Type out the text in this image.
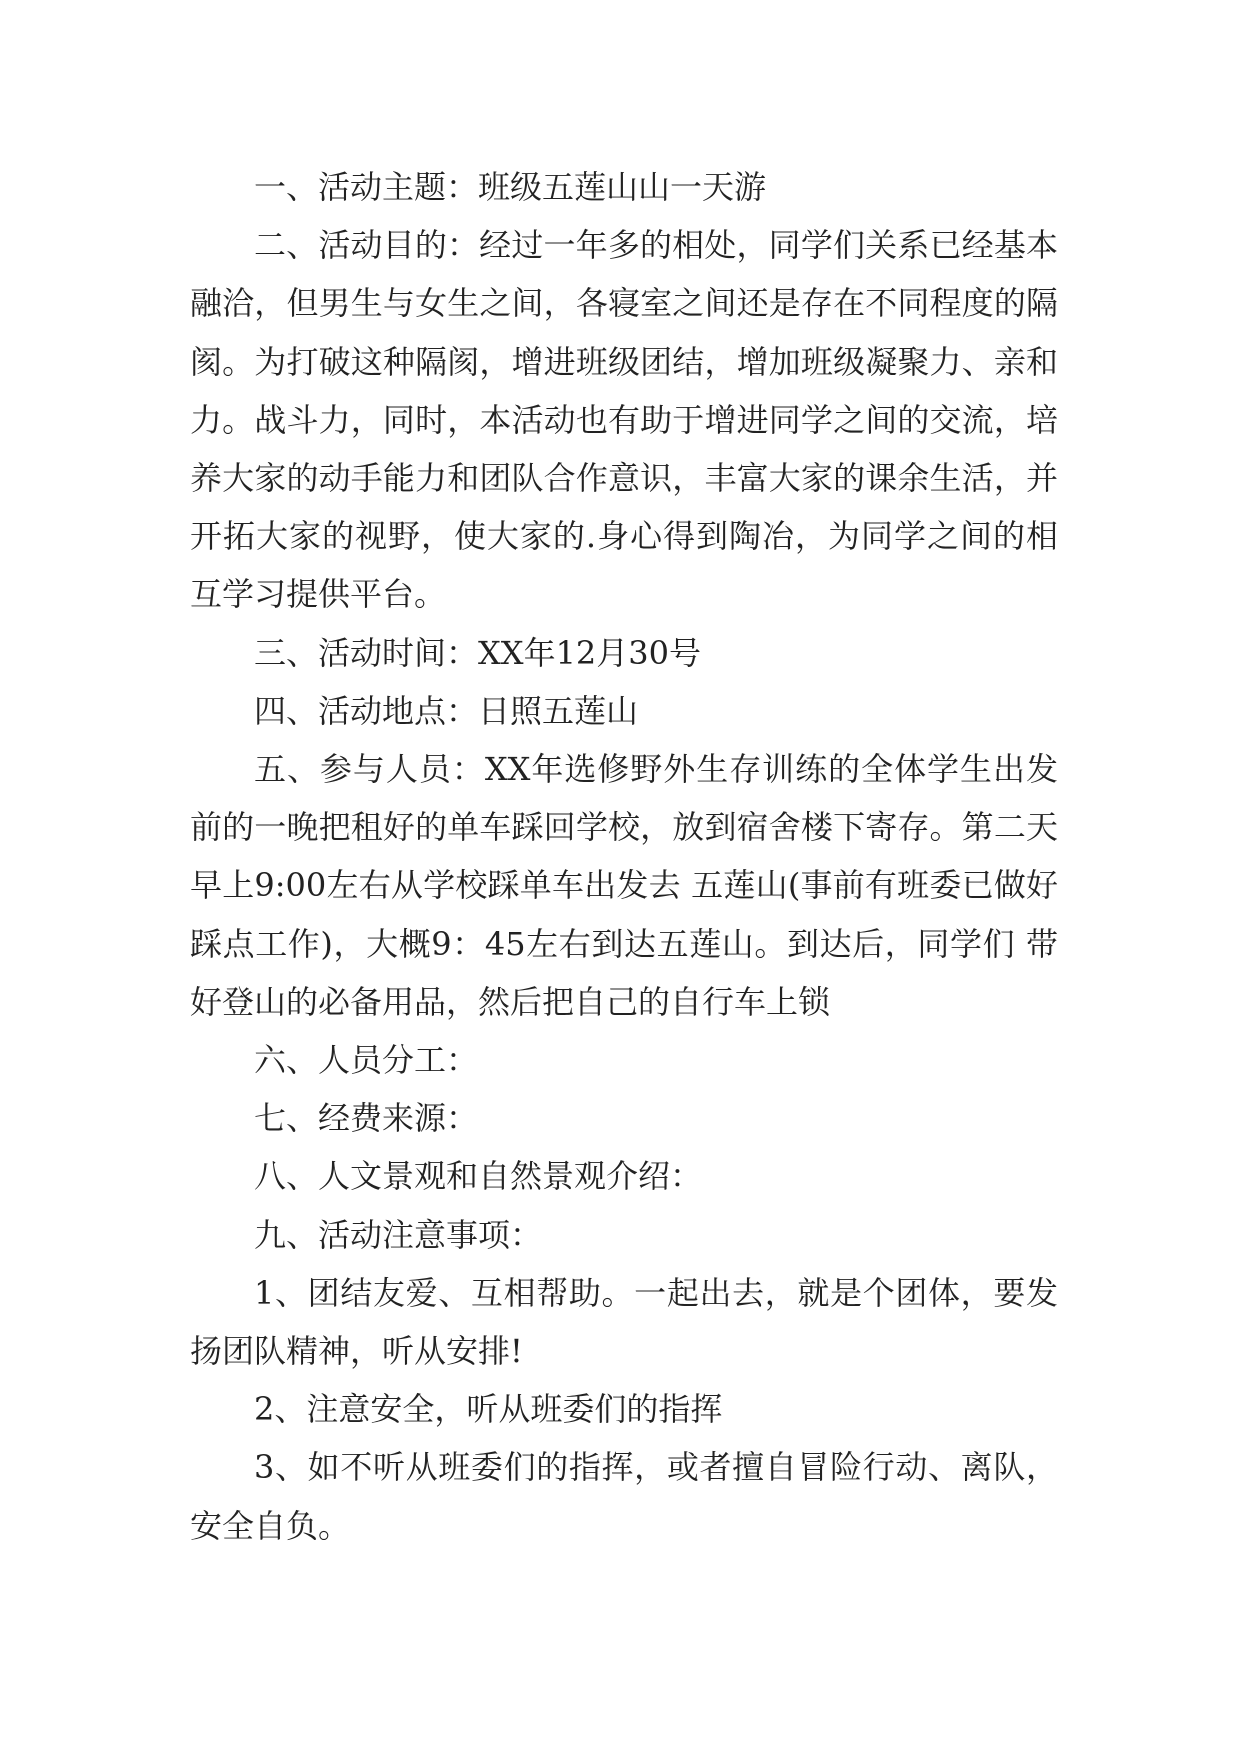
一、活动主题：班级五莲山山一天游

二、活动目的：经过一年多的相处，同学们关系已经基本融洽，但男生与女生之间，各寝室之间还是存在不同程度的隔阂。为打破这种隔阂，增进班级团结，增加班级凝聚力、亲和力。战斗力，同时，本活动也有助于增进同学之间的交流，培养大家的动手能力和团队合作意识，丰富大家的课余生活，并开拓大家的视野，使大家的.身心得到陶冶，为同学之间的相互学习提供平台。

三、活动时间：XX年12月30号

四、活动地点：日照五莲山

五、参与人员：XX年选修野外生存训练的全体学生出发前的一晚把租好的单车踩回学校，放到宿舍楼下寄存。第二天早上9:00左右从学校踩单车出发去 五莲山(事前有班委已做好踩点工作)，大概9：45左右到达五莲山。到达后，同学们 带好登山的必备用品，然后把自己的自行车上锁

六、人员分工：

七、经费来源：

八、人文景观和自然景观介绍：

九、活动注意事项：

1、团结友爱、互相帮助。一起出去，就是个团体，要发扬团队精神，听从安排!

2、注意安全，听从班委们的指挥

3、如不听从班委们的指挥，或者擅自冒险行动、离队，安全自负。
